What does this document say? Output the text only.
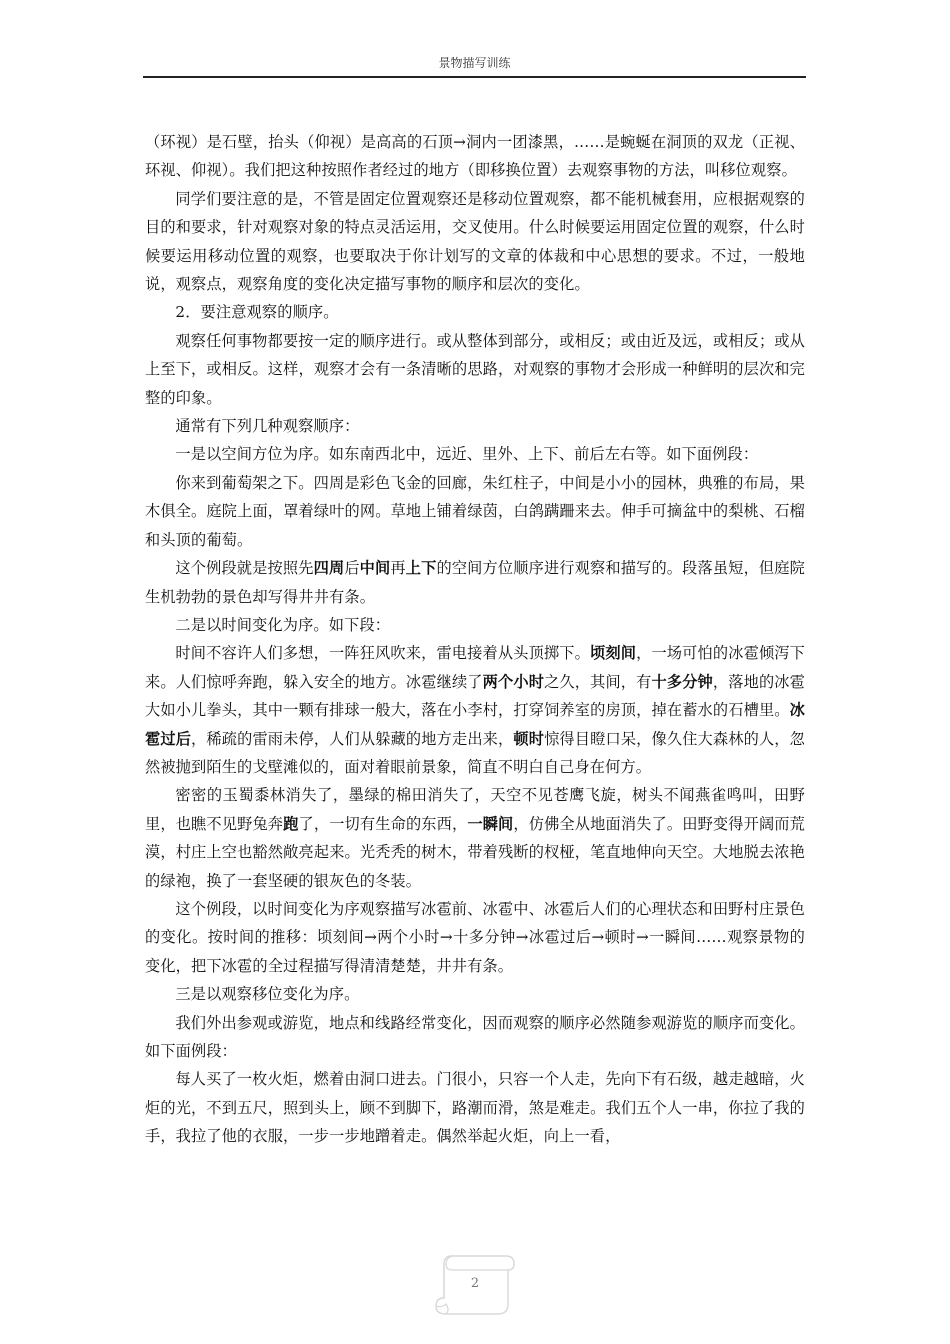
景物描写训练

（环视）是石壁，抬头（仰视）是高高的石顶→洞内一团漆黑，……是蜿蜒在洞顶的双龙（正视、环视、仰视）。我们把这种按照作者经过的地方（即移换位置）去观察事物的方法，叫移位观察。

同学们要注意的是，不管是固定位置观察还是移动位置观察，都不能机械套用，应根据观察的目的和要求，针对观察对象的特点灵活运用，交叉使用。什么时候要运用固定位置的观察，什么时候要运用移动位置的观察，也要取决于你计划写的文章的体裁和中心思想的要求。不过，一般地说，观察点，观察角度的变化决定描写事物的顺序和层次的变化。

2．要注意观察的顺序。

观察任何事物都要按一定的顺序进行。或从整体到部分，或相反；或由近及远，或相反；或从上至下，或相反。这样，观察才会有一条清晰的思路，对观察的事物才会形成一种鲜明的层次和完整的印象。

通常有下列几种观察顺序：

一是以空间方位为序。如东南西北中，远近、里外、上下、前后左右等。如下面例段：

你来到葡萄架之下。四周是彩色飞金的回廊，朱红柱子，中间是小小的园林，典雅的布局，果木俱全。庭院上面，罩着绿叶的网。草地上铺着绿茵，白鸽蹒跚来去。伸手可摘盆中的梨桃、石榴和头顶的葡萄。

这个例段就是按照先四周后中间再上下的空间方位顺序进行观察和描写的。段落虽短，但庭院生机勃勃的景色却写得井井有条。

二是以时间变化为序。如下段：

时间不容许人们多想，一阵狂风吹来，雷电接着从头顶掷下。顷刻间，一场可怕的冰雹倾泻下来。人们惊呼奔跑，躲入安全的地方。冰雹继续了两个小时之久，其间，有十多分钟，落地的冰雹大如小儿拳头，其中一颗有排球一般大，落在小李村，打穿饲养室的房顶，掉在蓄水的石槽里。冰雹过后，稀疏的雷雨未停，人们从躲藏的地方走出来，顿时惊得目瞪口呆，像久住大森林的人，忽然被抛到陌生的戈壁滩似的，面对着眼前景象，简直不明白自己身在何方。

密密的玉蜀黍林消失了，墨绿的棉田消失了，天空不见苍鹰飞旋，树头不闻燕雀鸣叫，田野里，也瞧不见野兔奔跑了，一切有生命的东西，一瞬间，仿佛全从地面消失了。田野变得开阔而荒漠，村庄上空也豁然敞亮起来。光秃秃的树木，带着残断的杈桠，笔直地伸向天空。大地脱去浓艳的绿袍，换了一套坚硬的银灰色的冬装。

这个例段，以时间变化为序观察描写冰雹前、冰雹中、冰雹后人们的心理状态和田野村庄景色的变化。按时间的推移：顷刻间→两个小时→十多分钟→冰雹过后→顿时→一瞬间……观察景物的变化，把下冰雹的全过程描写得清清楚楚，井井有条。

三是以观察移位变化为序。

我们外出参观或游览，地点和线路经常变化，因而观察的顺序必然随参观游览的顺序而变化。如下面例段：

每人买了一枚火炬，燃着由洞口进去。门很小，只容一个人走，先向下有石级，越走越暗，火炬的光，不到五尺，照到头上，顾不到脚下，路潮而滑，煞是难走。我们五个人一串，你拉了我的手，我拉了他的衣服，一步一步地蹭着走。偶然举起火炬，向上一看，

2
